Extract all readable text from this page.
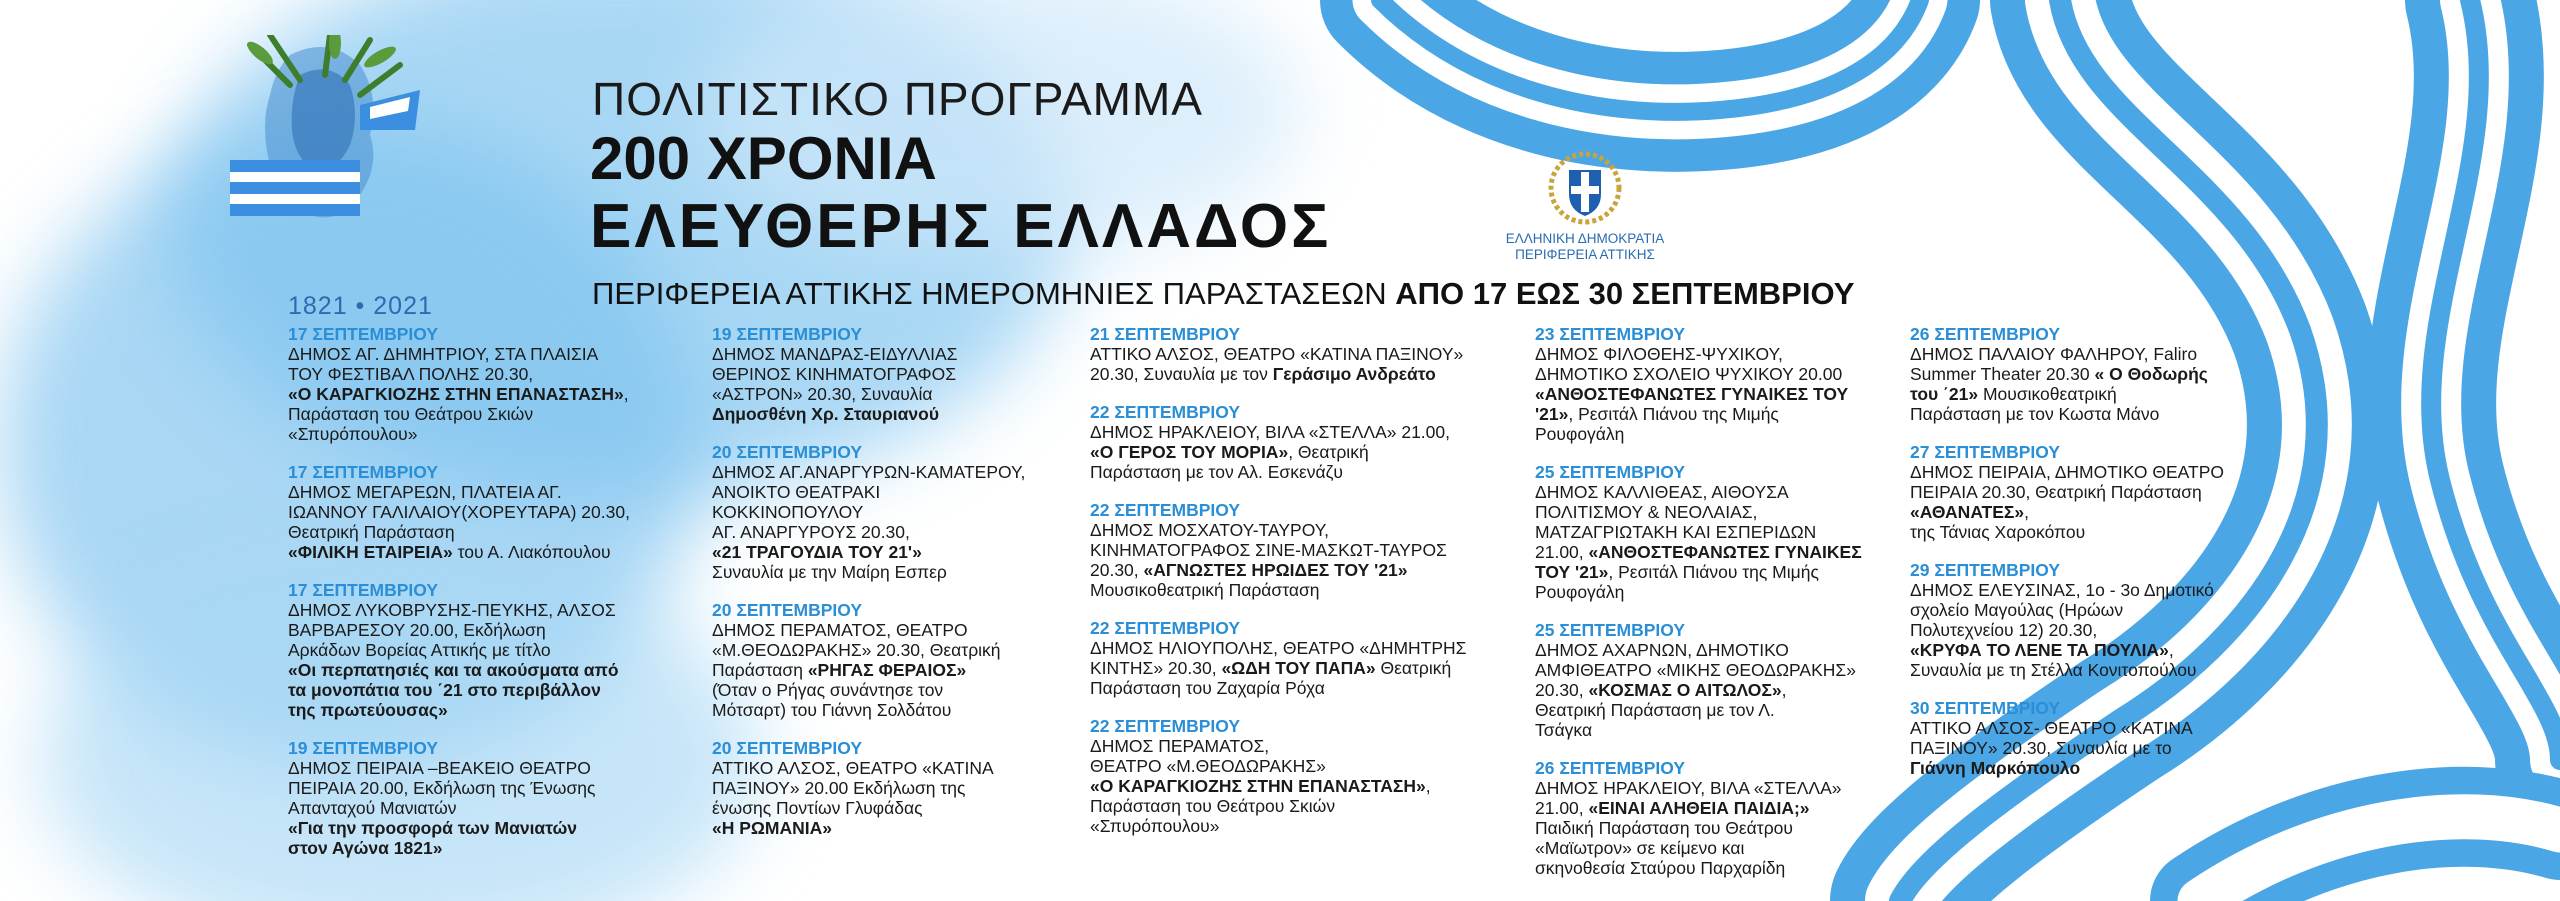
1821 • 2021
ΠΟΛΙΤΙΣΤΙΚΟ ΠΡΟΓΡΑΜΜΑ
200 ΧΡΟΝΙΑ
ΕΛΕΥΘΕΡΗΣ ΕΛΛΑΔΟΣ	ΕΛΛΗΝΙΚΗ ΔΗΜΟΚΡΑΤΙΑ
ΠΕΡΙΦΕΡΕΙΑ ΑΤΤΙΚΗΣ
ΠΕΡΙΦΕΡΕΙΑ ΑΤΤΙΚΗΣ ΗΜΕΡΟΜΗΝΙΕΣ ΠΑΡΑΣΤΑΣΕΩΝ ΑΠΟ 17 ΕΩΣ 30 ΣΕΠΤΕΜΒΡΙΟΥ
17 ΣΕΠΤΕΜΒΡΙΟΥ
ΔΗΜΟΣ ΑΓ. ΔΗΜΗΤΡΙΟΥ, ΣΤΑ ΠΛΑΙΣΙΑ
ΤΟΥ ΦΕΣΤΙΒΑΛ ΠΟΛΗΣ 20.30,
«Ο ΚΑΡΑΓΚΙΟΖΗΣ ΣΤΗΝ ΕΠΑΝΑΣΤΑΣΗ»,
Παράσταση του Θεάτρου Σκιών
«Σπυρόπουλου»
17 ΣΕΠΤΕΜΒΡΙΟΥ
ΔΗΜΟΣ ΜΕΓΑΡΕΩΝ, ΠΛΑΤΕΙΑ ΑΓ.
ΙΩΑΝΝΟΥ ΓΑΛΙΛΑΙΟΥ(ΧΟΡΕΥΤΑΡΑ) 20.30,
Θεατρική Παράσταση
«ΦΙΛΙΚΗ ΕΤΑΙΡΕΙΑ» του Α. Λιακόπουλου
17 ΣΕΠΤΕΜΒΡΙΟΥ
ΔΗΜΟΣ ΛΥΚΟΒΡΥΣΗΣ-ΠΕΥΚΗΣ, ΑΛΣΟΣ
ΒΑΡΒΑΡΕΣΟΥ 20.00, Εκδήλωση
Αρκάδων Βορείας Αττικής με τίτλο
«Οι περπατησιές και τα ακούσματα από
τα μονοπάτια του ΄21 στο περιβάλλον
της πρωτεύουσας»
19 ΣΕΠΤΕΜΒΡΙΟΥ
ΔΗΜΟΣ ΠΕΙΡΑΙΑ –ΒΕΑΚΕΙΟ ΘΕΑΤΡΟ
ΠΕΙΡΑΙΑ 20.00, Εκδήλωση της Ένωσης
Απανταχού Μανιατών
«Για την προσφορά των Μανιατών
στον Αγώνα 1821»
19 ΣΕΠΤΕΜΒΡΙΟΥ
ΔΗΜΟΣ ΜΑΝΔΡΑΣ-ΕΙΔΥΛΛΙΑΣ
ΘΕΡΙΝΟΣ ΚΙΝΗΜΑΤΟΓΡΑΦΟΣ
«ΑΣΤΡΟΝ» 20.30, Συναυλία
Δημοσθένη Χρ. Σταυριανού
20 ΣΕΠΤΕΜΒΡΙΟΥ
ΔΗΜΟΣ ΑΓ.ΑΝΑΡΓΥΡΩΝ-ΚΑΜΑΤΕΡΟΥ,
ΑΝΟΙΚΤΟ ΘΕΑΤΡΑΚΙ
ΚΟΚΚΙΝΟΠΟΥΛΟΥ
ΑΓ. ΑΝΑΡΓΥΡΟΥΣ 20.30,
«21 ΤΡΑΓΟΥΔΙΑ ΤΟΥ 21'»
Συναυλία με την Μαίρη Εσπερ
20 ΣΕΠΤΕΜΒΡΙΟΥ
ΔΗΜΟΣ ΠΕΡΑΜΑΤΟΣ, ΘΕΑΤΡΟ
«Μ.ΘΕΟΔΩΡΑΚΗΣ» 20.30, Θεατρική
Παράσταση «ΡΗΓΑΣ ΦΕΡΑΙΟΣ»
(Όταν ο Ρήγας συνάντησε τον
Μότσαρτ) του Γιάννη Σολδάτου
20 ΣΕΠΤΕΜΒΡΙΟΥ
ΑΤΤΙΚΟ ΑΛΣΟΣ, ΘΕΑΤΡΟ «ΚΑΤΙΝΑ
ΠΑΞΙΝΟΥ» 20.00 Εκδήλωση της
ένωσης Ποντίων Γλυφάδας
«Η ΡΩΜΑΝΙΑ»
21 ΣΕΠΤΕΜΒΡΙΟΥ
ΑΤΤΙΚΟ ΑΛΣΟΣ, ΘΕΑΤΡΟ «ΚΑΤΙΝΑ ΠΑΞΙΝΟΥ»
20.30, Συναυλία με τον Γεράσιμο Ανδρεάτο
22 ΣΕΠΤΕΜΒΡΙΟΥ
ΔΗΜΟΣ ΗΡΑΚΛΕΙΟΥ, ΒΙΛΑ «ΣΤΕΛΛΑ» 21.00,
«Ο ΓΕΡΟΣ ΤΟΥ ΜΟΡΙΑ», Θεατρική
Παράσταση με τον Αλ. Εσκενάζυ
22 ΣΕΠΤΕΜΒΡΙΟΥ
ΔΗΜΟΣ ΜΟΣΧΑΤΟΥ-ΤΑΥΡΟΥ,
ΚΙΝΗΜΑΤΟΓΡΑΦΟΣ ΣΙΝΕ-ΜΑΣΚΩΤ-ΤΑΥΡΟΣ
20.30, «ΑΓΝΩΣΤΕΣ ΗΡΩΙΔΕΣ ΤΟΥ '21»
Μουσικοθεατρική Παράσταση
22 ΣΕΠΤΕΜΒΡΙΟΥ
ΔΗΜΟΣ ΗΛΙΟΥΠΟΛΗΣ, ΘΕΑΤΡΟ «ΔΗΜΗΤΡΗΣ
ΚΙΝΤΗΣ» 20.30, «ΩΔΗ ΤΟΥ ΠΑΠΑ» Θεατρική
Παράσταση του Ζαχαρία Ρόχα
22 ΣΕΠΤΕΜΒΡΙΟΥ
ΔΗΜΟΣ ΠΕΡΑΜΑΤΟΣ,
ΘΕΑΤΡΟ «Μ.ΘΕΟΔΩΡΑΚΗΣ»
«Ο ΚΑΡΑΓΚΙΟΖΗΣ ΣΤΗΝ ΕΠΑΝΑΣΤΑΣΗ»,
Παράσταση του Θεάτρου Σκιών
«Σπυρόπουλου»
23 ΣΕΠΤΕΜΒΡΙΟΥ
ΔΗΜΟΣ ΦΙΛΟΘΕΗΣ-ΨΥΧΙΚΟΥ,
ΔΗΜΟΤΙΚΟ ΣΧΟΛΕΙΟ ΨΥΧΙΚΟΥ 20.00
«ΑΝΘΟΣΤΕΦΑΝΩΤΕΣ ΓΥΝΑΙΚΕΣ ΤΟΥ
'21», Ρεσιτάλ Πιάνου της Μιμής
Ρουφογάλη
25 ΣΕΠΤΕΜΒΡΙΟΥ
ΔΗΜΟΣ ΚΑΛΛΙΘΕΑΣ, ΑΙΘΟΥΣΑ
ΠΟΛΙΤΙΣΜΟΥ & ΝΕΟΛΑΙΑΣ,
ΜΑΤΖΑΓΡΙΩΤΑΚΗ ΚΑΙ ΕΣΠΕΡΙΔΩΝ
21.00, «ΑΝΘΟΣΤΕΦΑΝΩΤΕΣ ΓΥΝΑΙΚΕΣ
ΤΟΥ '21», Ρεσιτάλ Πιάνου της Μιμής
Ρουφογάλη
25 ΣΕΠΤΕΜΒΡΙΟΥ
ΔΗΜΟΣ ΑΧΑΡΝΩΝ, ΔΗΜΟΤΙΚΟ
ΑΜΦΙΘΕΑΤΡΟ «ΜΙΚΗΣ ΘΕΟΔΩΡΑΚΗΣ»
20.30, «ΚΟΣΜΑΣ Ο ΑΙΤΩΛΟΣ»,
Θεατρική Παράσταση με τον Λ.
Τσάγκα
26 ΣΕΠΤΕΜΒΡΙΟΥ
ΔΗΜΟΣ ΗΡΑΚΛΕΙΟΥ, ΒΙΛΑ «ΣΤΕΛΛΑ»
21.00, «ΕΙΝΑΙ ΑΛΗΘΕΙΑ ΠΑΙΔΙΑ;»
Παιδική Παράσταση του Θεάτρου
«Μαϊωτρον» σε κείμενο και
σκηνοθεσία Σταύρου Παρχαρίδη
26 ΣΕΠΤΕΜΒΡΙΟΥ
ΔΗΜΟΣ ΠΑΛΑΙΟΥ ΦΑΛΗΡΟΥ, Faliro
Summer Theater 20.30 « Ο Θοδωρής
του ΄21» Μουσικοθεατρική
Παράσταση με τον Κωστα Μάνο
27 ΣΕΠΤΕΜΒΡΙΟΥ
ΔΗΜΟΣ ΠΕΙΡΑΙΑ, ΔΗΜΟΤΙΚΟ ΘΕΑΤΡΟ
ΠΕΙΡΑΙΑ 20.30, Θεατρική Παράσταση
«ΑΘΑΝΑΤΕΣ»,
της Τάνιας Χαροκόπου
29 ΣΕΠΤΕΜΒΡΙΟΥ
ΔΗΜΟΣ ΕΛΕΥΣΙΝΑΣ, 1ο - 3ο Δημοτικό
σχολείο Μαγούλας (Ηρώων
Πολυτεχνείου 12) 20.30,
«ΚΡΥΦΑ ΤΟ ΛΕΝΕ ΤΑ ΠΟΥΛΙΑ»,
Συναυλία με τη Στέλλα Κονιτοπούλου
30 ΣΕΠΤΕΜΒΡΙΟΥ
ΑΤΤΙΚΟ ΑΛΣΟΣ- ΘΕΑΤΡΟ «ΚΑΤΙΝΑ
ΠΑΞΙΝΟΥ» 20.30, Συναυλία με το
Γιάννη Μαρκόπουλο
